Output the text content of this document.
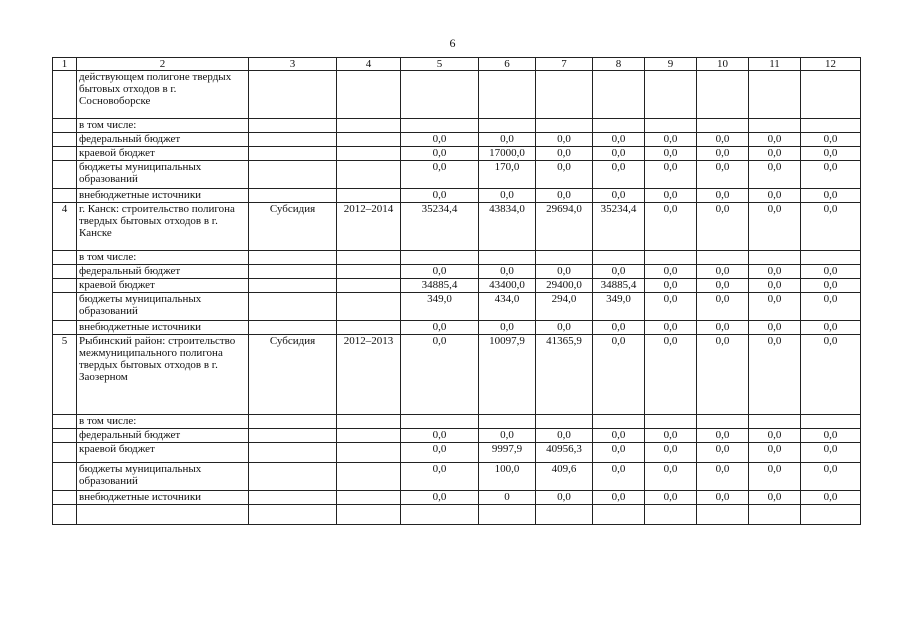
6
1	2	3	4	5	6	7	8	9	10	11	12
	действующем полигоне твердых бытовых отходов в г. Сосновоборске										
	в том числе:										
	федеральный бюджет			0,0	0,0	0,0	0,0	0,0	0,0	0,0	0,0
	краевой бюджет			0,0	17000,0	0,0	0,0	0,0	0,0	0,0	0,0
	бюджеты муниципальных образований			0,0	170,0	0,0	0,0	0,0	0,0	0,0	0,0
	внебюджетные источники			0,0	0,0	0,0	0,0	0,0	0,0	0,0	0,0
4	г. Канск: строительство полигона твердых бытовых отходов в г. Канске	Субсидия	2012–2014	35234,4	43834,0	29694,0	35234,4	0,0	0,0	0,0	0,0
	в том числе:										
	федеральный бюджет			0,0	0,0	0,0	0,0	0,0	0,0	0,0	0,0
	краевой бюджет			34885,4	43400,0	29400,0	34885,4	0,0	0,0	0,0	0,0
	бюджеты муниципальных образований			349,0	434,0	294,0	349,0	0,0	0,0	0,0	0,0
	внебюджетные источники			0,0	0,0	0,0	0,0	0,0	0,0	0,0	0,0
5	Рыбинский район: строительство межмуниципального полигона твердых бытовых отходов в г. Заозерном	Субсидия	2012–2013	0,0	10097,9	41365,9	0,0	0,0	0,0	0,0	0,0
	в том числе:										
	федеральный бюджет			0,0	0,0	0,0	0,0	0,0	0,0	0,0	0,0
	краевой бюджет			0,0	9997,9	40956,3	0,0	0,0	0,0	0,0	0,0
	бюджеты муниципальных образований			0,0	100,0	409,6	0,0	0,0	0,0	0,0	0,0
	внебюджетные источники			0,0	0	0,0	0,0	0,0	0,0	0,0	0,0
